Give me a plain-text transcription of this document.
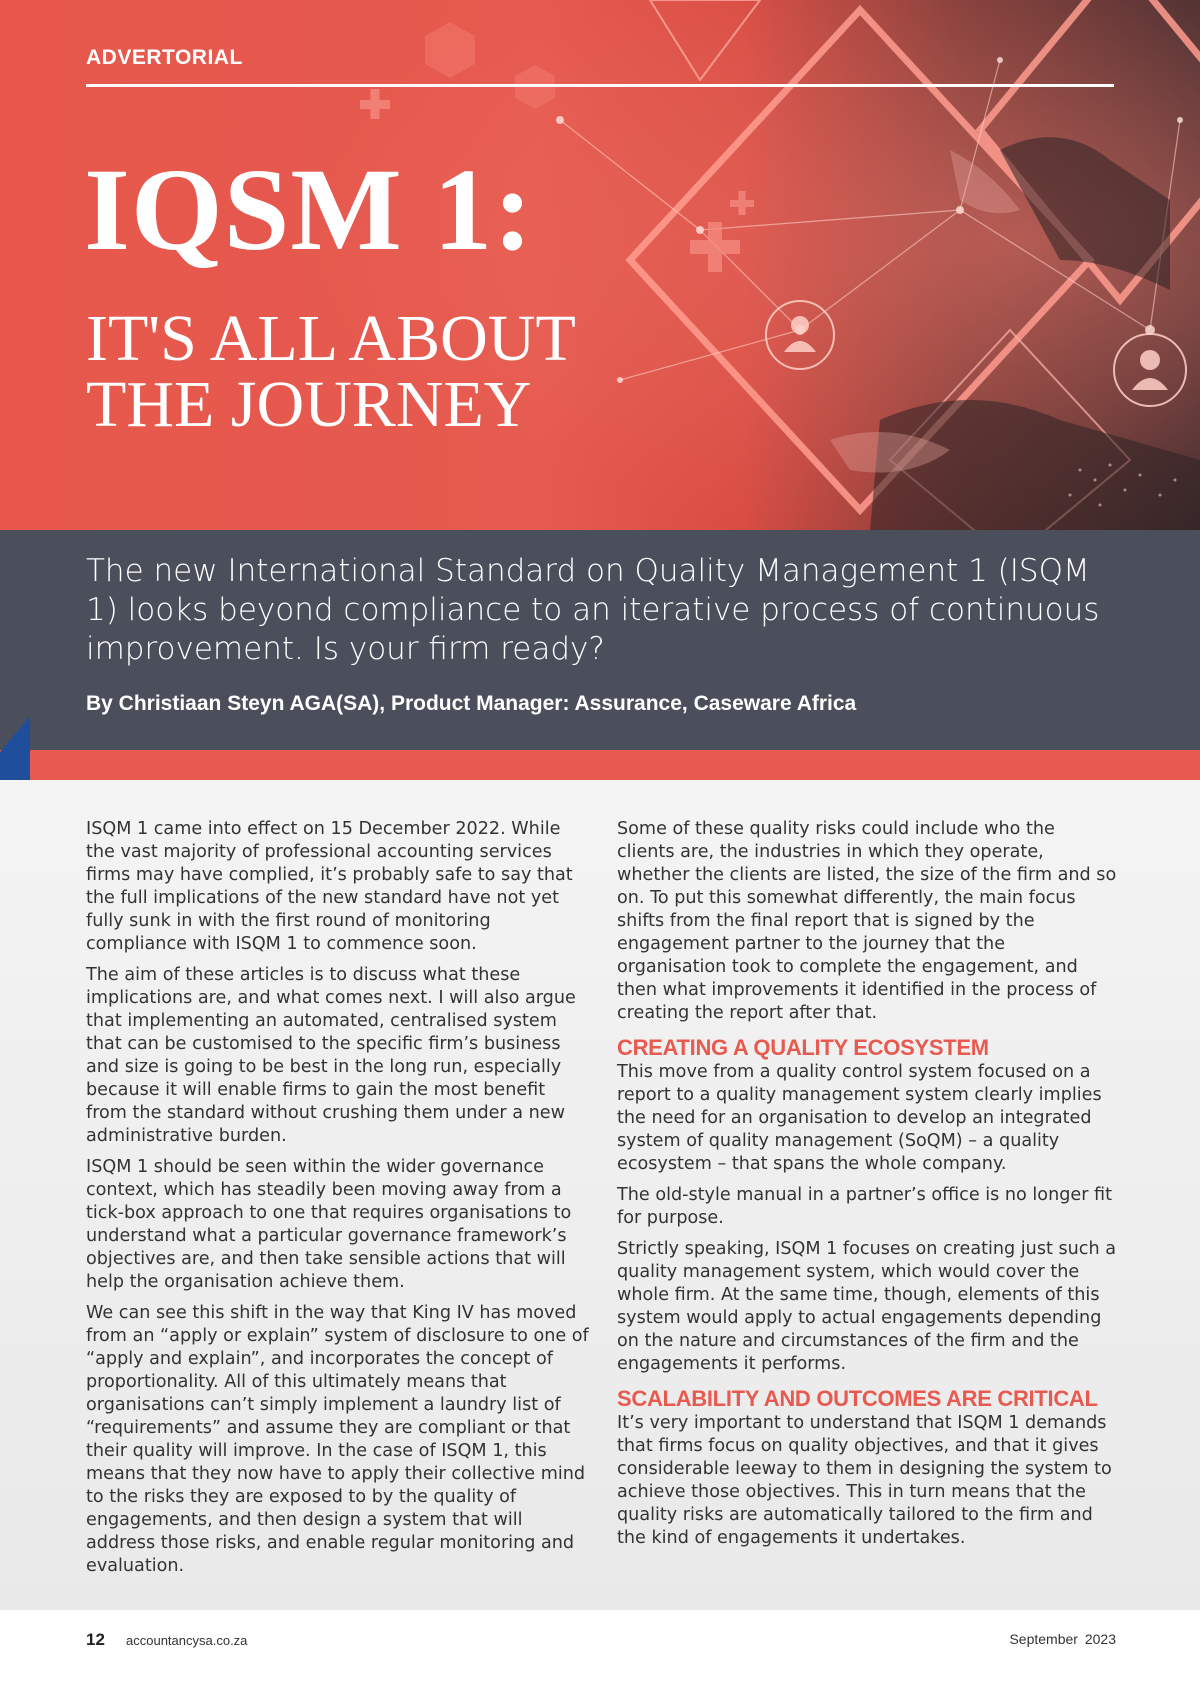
ADVERTORIAL
IQSM 1:
IT'S ALL ABOUT
THE JOURNEY

The new International Standard on Quality Management 1 (ISQM 1) looks beyond compliance to an iterative process of continuous improvement. Is your firm ready?

By Christiaan Steyn AGA(SA), Product Manager: Assurance, Caseware Africa

ISQM 1 came into effect on 15 December 2022. While the vast majority of professional accounting services firms may have complied, it’s probably safe to say that the full implications of the new standard have not yet fully sunk in with the first round of monitoring compliance with ISQM 1 to commence soon.

The aim of these articles is to discuss what these implications are, and what comes next. I will also argue that implementing an automated, centralised system that can be customised to the specific firm’s business and size is going to be best in the long run, especially because it will enable firms to gain the most benefit from the standard without crushing them under a new administrative burden.

ISQM 1 should be seen within the wider governance context, which has steadily been moving away from a tick-box approach to one that requires organisations to understand what a particular governance framework’s objectives are, and then take sensible actions that will help the organisation achieve them.

We can see this shift in the way that King IV has moved from an “apply or explain” system of disclosure to one of “apply and explain”, and incorporates the concept of proportionality. All of this ultimately means that organisations can’t simply implement a laundry list of “requirements” and assume they are compliant or that their quality will improve. In the case of ISQM 1, this means that they now have to apply their collective mind to the risks they are exposed to by the quality of engagements, and then design a system that will address those risks, and enable regular monitoring and evaluation.

Some of these quality risks could include who the clients are, the industries in which they operate, whether the clients are listed, the size of the firm and so on. To put this somewhat differently, the main focus shifts from the final report that is signed by the engagement partner to the journey that the organisation took to complete the engagement, and then what improvements it identified in the process of creating the report after that.

CREATING A QUALITY ECOSYSTEM

This move from a quality control system focused on a report to a quality management system clearly implies the need for an organisation to develop an integrated system of quality management (SoQM) – a quality ecosystem – that spans the whole company.

The old-style manual in a partner’s office is no longer fit for purpose.

Strictly speaking, ISQM 1 focuses on creating just such a quality management system, which would cover the whole firm. At the same time, though, elements of this system would apply to actual engagements depending on the nature and circumstances of the firm and the engagements it performs.

SCALABILITY AND OUTCOMES ARE CRITICAL

It’s very important to understand that ISQM 1 demands that firms focus on quality objectives, and that it gives considerable leeway to them in designing the system to achieve those objectives. This in turn means that the quality risks are automatically tailored to the firm and the kind of engagements it undertakes.

12 accountancysa.co.za	September 2023
